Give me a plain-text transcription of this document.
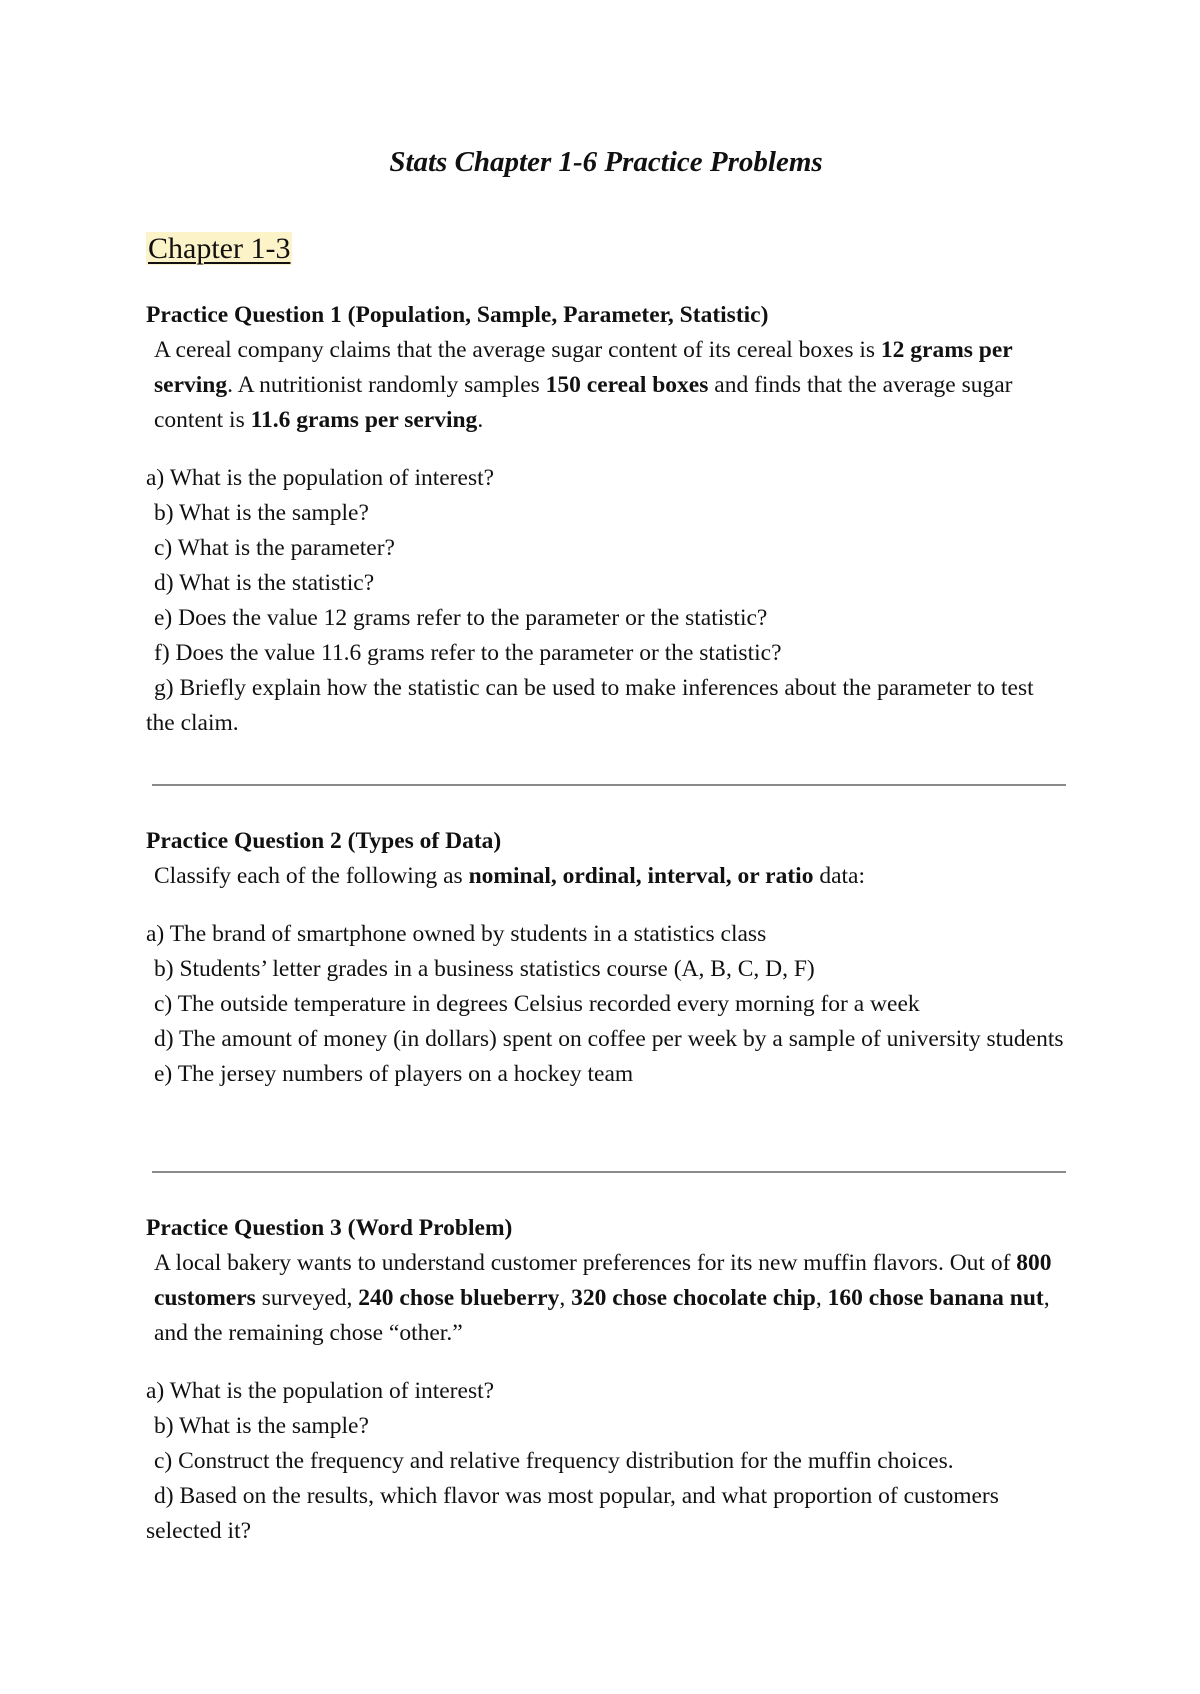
Stats Chapter 1-6 Practice Problems
Chapter 1-3

Practice Question 1 (Population, Sample, Parameter, Statistic)

A cereal company claims that the average sugar content of its cereal boxes is 12 grams per serving. A nutritionist randomly samples 150 cereal boxes and finds that the average sugar content is 11.6 grams per serving.

a) What is the population of interest?
b) What is the sample?
c) What is the parameter?
d) What is the statistic?
e) Does the value 12 grams refer to the parameter or the statistic?
f) Does the value 11.6 grams refer to the parameter or the statistic?
g) Briefly explain how the statistic can be used to make inferences about the parameter to test the claim.

Practice Question 2 (Types of Data)

Classify each of the following as nominal, ordinal, interval, or ratio data:

a) The brand of smartphone owned by students in a statistics class
b) Students’ letter grades in a business statistics course (A, B, C, D, F)
c) The outside temperature in degrees Celsius recorded every morning for a week
d) The amount of money (in dollars) spent on coffee per week by a sample of university students
e) The jersey numbers of players on a hockey team

Practice Question 3 (Word Problem)

A local bakery wants to understand customer preferences for its new muffin flavors. Out of 800 customers surveyed, 240 chose blueberry, 320 chose chocolate chip, 160 chose banana nut, and the remaining chose “other.”

a) What is the population of interest?
b) What is the sample?
c) Construct the frequency and relative frequency distribution for the muffin choices.
d) Based on the results, which flavor was most popular, and what proportion of customers selected it?
